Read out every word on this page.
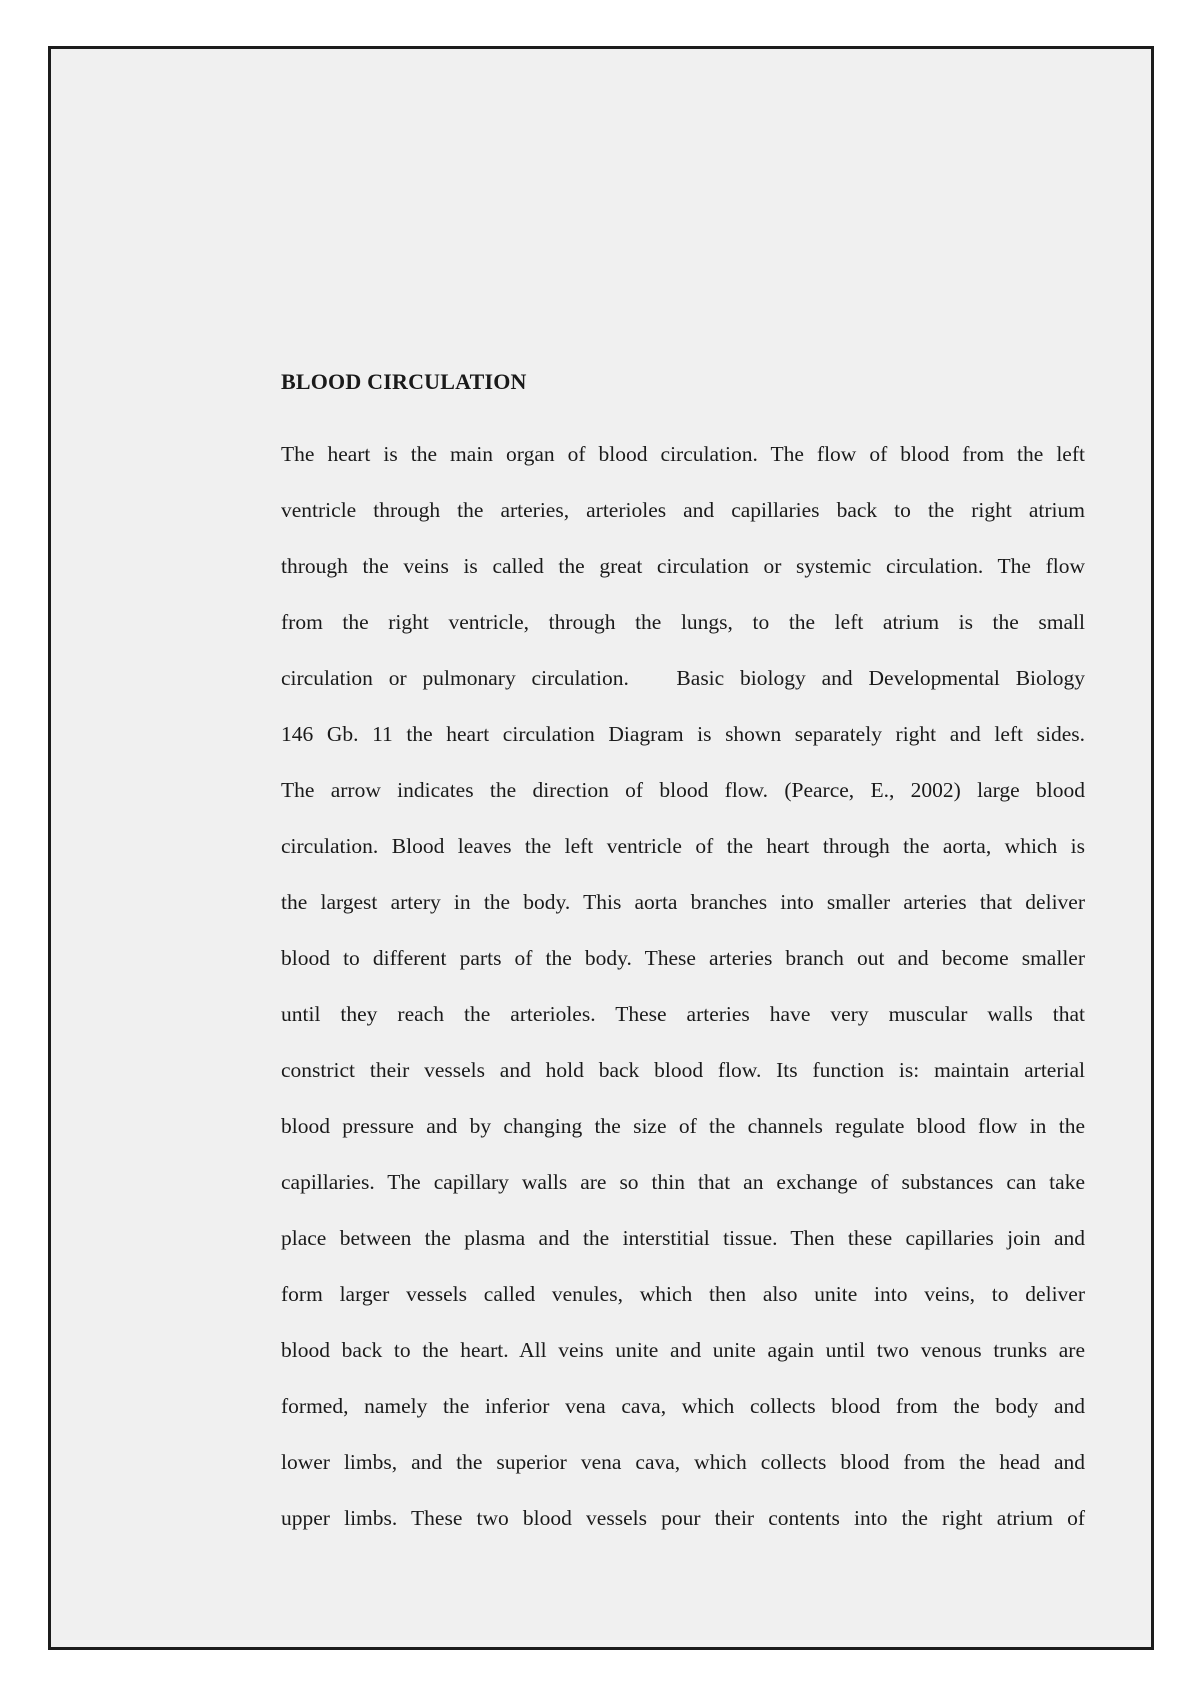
BLOOD CIRCULATION
The heart is the main organ of blood circulation. The flow of blood from the left
ventricle through the arteries, arterioles and capillaries back to the right atrium
through the veins is called the great circulation or systemic circulation. The flow
from the right ventricle, through the lungs, to the left atrium is the small
circulation or pulmonary circulation.   Basic biology and Developmental Biology
146 Gb. 11 the heart circulation Diagram is shown separately right and left sides.
The arrow indicates the direction of blood flow. (Pearce, E., 2002) large blood
circulation. Blood leaves the left ventricle of the heart through the aorta, which is
the largest artery in the body. This aorta branches into smaller arteries that deliver
blood to different parts of the body. These arteries branch out and become smaller
until they reach the arterioles. These arteries have very muscular walls that
constrict their vessels and hold back blood flow. Its function is: maintain arterial
blood pressure and by changing the size of the channels regulate blood flow in the
capillaries. The capillary walls are so thin that an exchange of substances can take
place between the plasma and the interstitial tissue. Then these capillaries join and
form larger vessels called venules, which then also unite into veins, to deliver
blood back to the heart. All veins unite and unite again until two venous trunks are
formed, namely the inferior vena cava, which collects blood from the body and
lower limbs, and the superior vena cava, which collects blood from the head and
upper limbs. These two blood vessels pour their contents into the right atrium of
